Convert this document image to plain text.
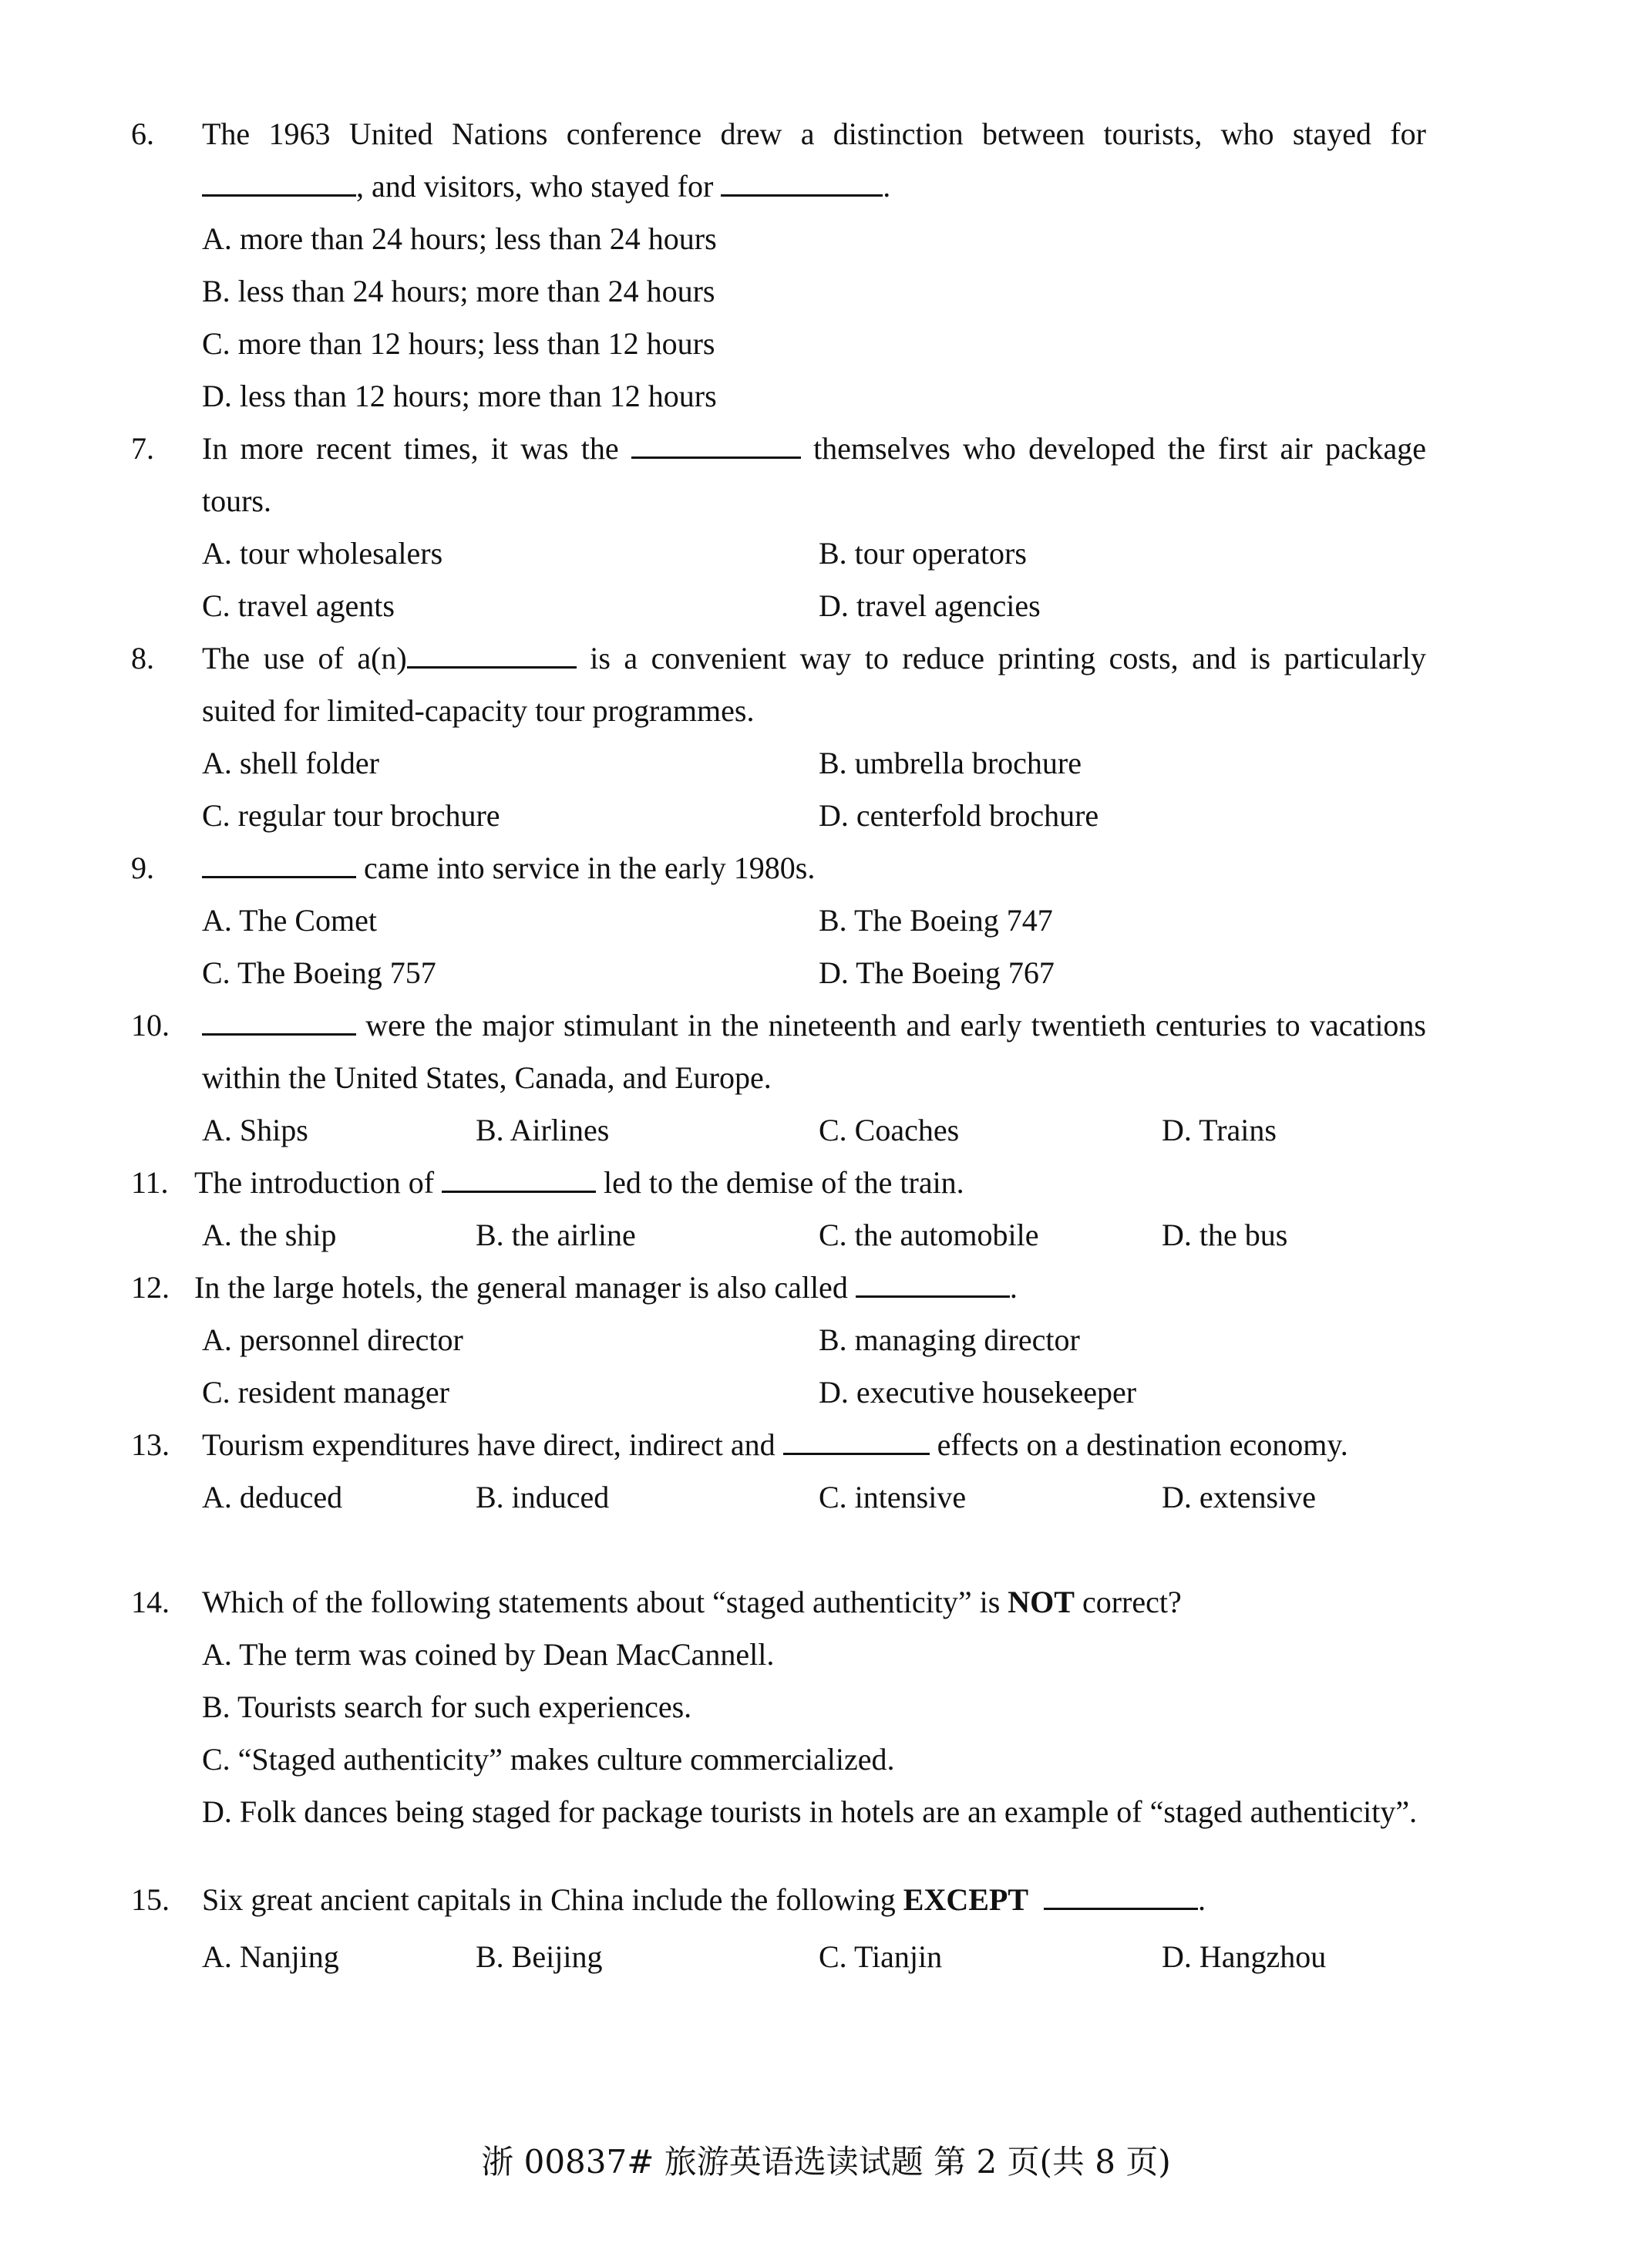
6.	The 1963 United Nations conference drew a distinction between tourists, who stayed for , and visitors, who stayed for	.
A. more than 24 hours; less than 24 hours
B. less than 24 hours; more than 24 hours
C. more than 12 hours; less than 12 hours
D. less than 12 hours; more than 12 hours
7.	In more recent times, it was the	themselves who developed the first air package tours.
A. tour wholesalers	B. tour operators
C. travel agents	D. travel agencies
8.	The use of a(n)	is a convenient way to reduce printing costs, and is particularly suited for limited-capacity tour programmes.
A. shell folder	B. umbrella brochure
C. regular tour brochure	D. centerfold brochure
9.	came into service in the early 1980s.
A. The Comet	B. The Boeing 747
C. The Boeing 757	D. The Boeing 767
10.	were the major stimulant in the nineteenth and early twentieth centuries to vacations within the United States, Canada, and Europe.
A. Ships	B. Airlines	C. Coaches	D. Trains
11. The introduction of	led to the demise of the train.
A. the ship	B. the airline	C. the automobile	D. the bus
12. In the large hotels, the general manager is also called	.
A. personnel director	B. managing director
C. resident manager	D. executive housekeeper
13.	Tourism expenditures have direct, indirect and	effects on a destination economy.
A. deduced	B. induced	C. intensive	D. extensive
14.	Which of the following statements about “staged authenticity” is NOT correct?
A. The term was coined by Dean MacCannell.
B. Tourists search for such experiences.
C. “Staged authenticity” makes culture commercialized.
D. Folk dances being staged for package tourists in hotels are an example of “staged authenticity”.
15.	Six great ancient capitals in China include the following EXCEPT	.
A. Nanjing	B. Beijing	C. Tianjin	D. Hangzhou
浙 00837# 旅游英语选读试题 第 2 页(共 8 页)
